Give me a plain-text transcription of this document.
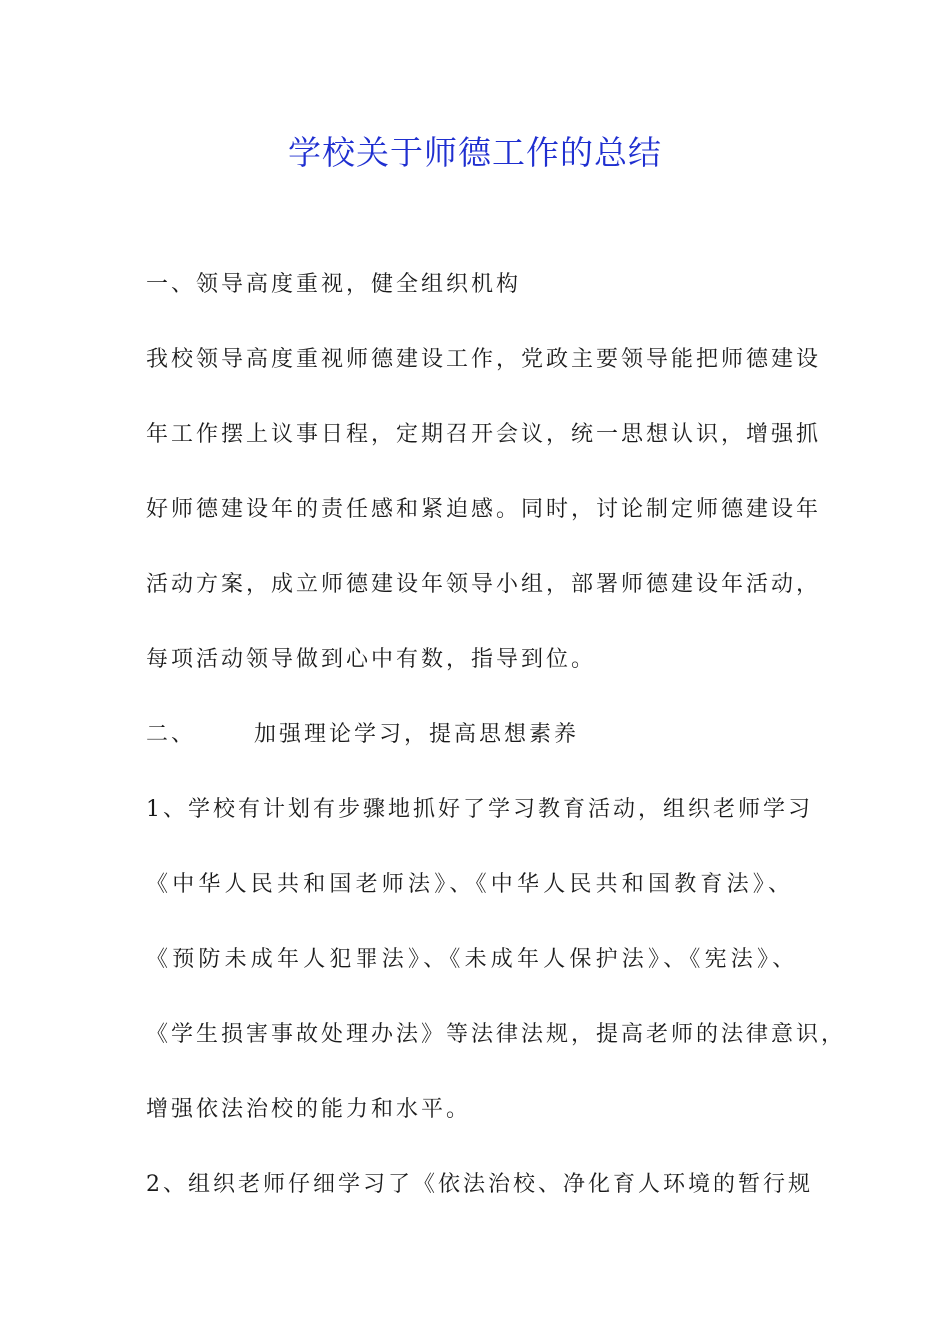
学校关于师德工作的总结
一、领导高度重视，健全组织机构
我校领导高度重视师德建设工作，党政主要领导能把师德建设
年工作摆上议事日程，定期召开会议，统一思想认识，增强抓
好师德建设年的责任感和紧迫感。同时，讨论制定师德建设年
活动方案，成立师德建设年领导小组，部署师德建设年活动，
每项活动领导做到心中有数，指导到位。
二、	加强理论学习，提高思想素养
1、学校有计划有步骤地抓好了学习教育活动，组织老师学习
《中华人民共和国老师法》、《中华人民共和国教育法》、
《预防未成年人犯罪法》、《未成年人保护法》、《宪法》、
《学生损害事故处理办法》等法律法规，提高老师的法律意识，
增强依法治校的能力和水平。
2、组织老师仔细学习了《依法治校、净化育人环境的暂行规
